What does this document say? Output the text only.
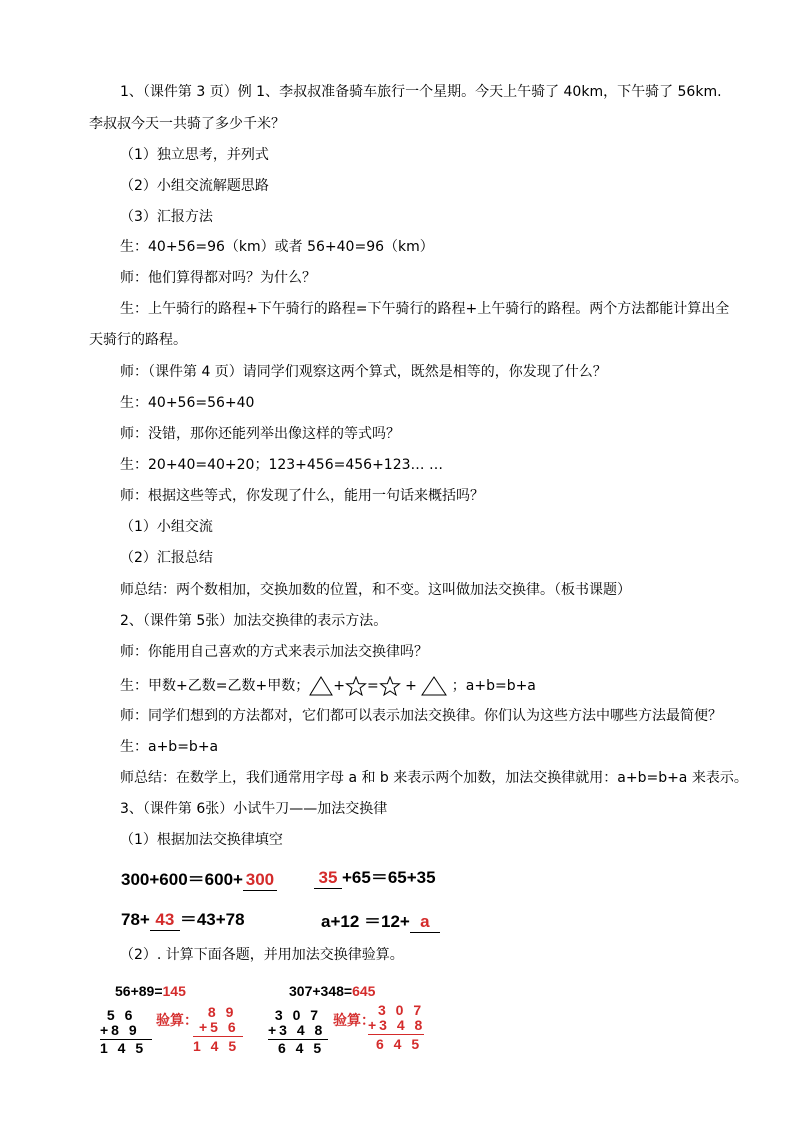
1、（课件第 3 页）例 1、李叔叔准备骑车旅行一个星期。今天上午骑了 40km，下午骑了 56km.
李叔叔今天一共骑了多少千米？
（1）独立思考，并列式
（2）小组交流解题思路
（3）汇报方法
生：40+56=96（km）或者 56+40=96（km）
师：他们算得都对吗？为什么？
生：上午骑行的路程+下午骑行的路程=下午骑行的路程+上午骑行的路程。两个方法都能计算出全
天骑行的路程。
师：（课件第 4 页）请同学们观察这两个算式，既然是相等的，你发现了什么？
生：40+56=56+40
师：没错，那你还能列举出像这样的等式吗？
生：20+40=40+20；123+456=456+123… …
师：根据这些等式，你发现了什么，能用一句话来概括吗？
（1）小组交流
（2）汇报总结
师总结：两个数相加，交换加数的位置，和不变。这叫做加法交换律。（板书课题）
2、（课件第 5张）加法交换律的表示方法。
师：你能用自己喜欢的方式来表示加法交换律吗？
生：甲数+乙数=乙数+甲数； + = + ；a+b=b+a
师：同学们想到的方法都对，它们都可以表示加法交换律。你们认为这些方法中哪些方法最简便？
生：a+b=b+a
师总结：在数学上，我们通常用字母 a 和 b 来表示两个加数，加法交换律就用：a+b=b+a 来表示。
3、（课件第 6张）小试牛刀——加法交换律
（1）根据加法交换律填空
300+600＝600+ 300	35 +65＝65+35
78+ 43 ＝43+78	a+12 ＝12+ a
（2）. 计算下面各题，并用加法交换律验算。
56+89=145
5 6
+8 9
1 4 5
验算： 8 9
+5 6
1 4 5
307+348=645
3 0 7
+3 4 8
6 4 5
验算：
3 0 7
+3 4 8
6 4 5
